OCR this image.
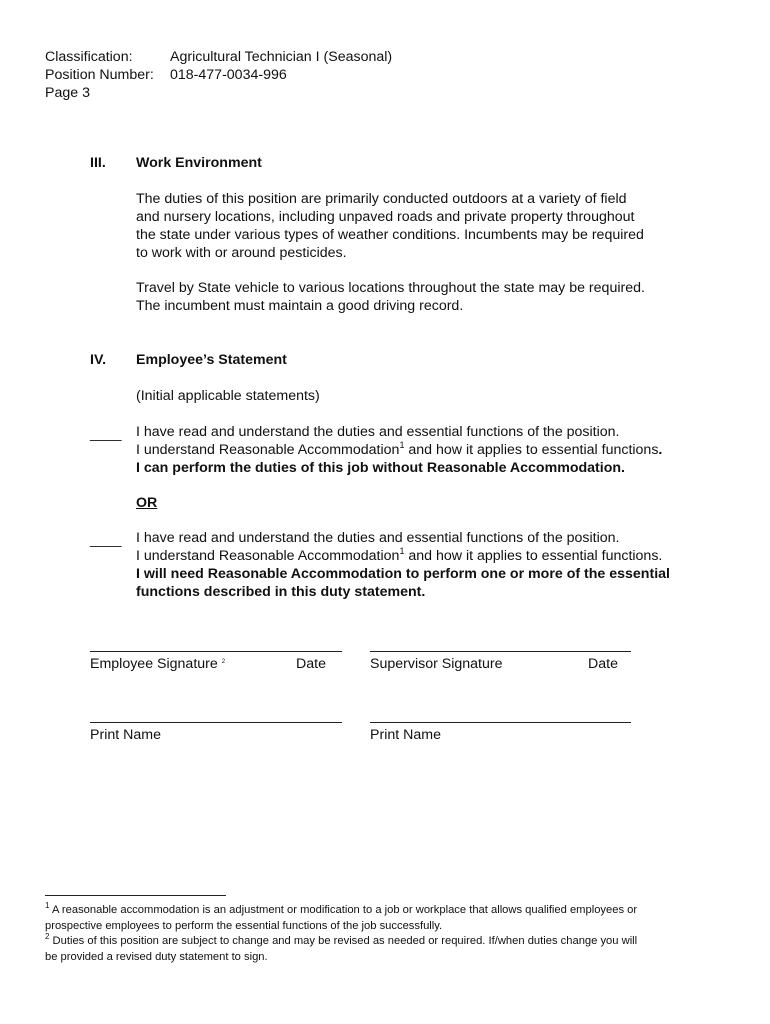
Classification:	Agricultural Technician I (Seasonal)
Position Number: 018-477-0034-996
Page 3
III. Work Environment
The duties of this position are primarily conducted outdoors at a variety of field
and nursery locations, including unpaved roads and private property throughout
the state under various types of weather conditions. Incumbents may be required
to work with or around pesticides.
Travel by State vehicle to various locations throughout the state may be required.
The incumbent must maintain a good driving record.
IV. Employee’s Statement
(Initial applicable statements)
____ I have read and understand the duties and essential functions of the position.
I understand Reasonable Accommodation$^1$ and how it applies to essential functions.
I can perform the duties of this job without Reasonable Accommodation.
OR
____ I have read and understand the duties and essential functions of the position.
I understand Reasonable Accommodation$^1$ and how it applies to essential functions.
I will need Reasonable Accommodation to perform one or more of the essential
functions described in this duty statement.
Employee Signature $^2$	Date	Supervisor Signature	Date
Print Name	Print Name
$^1$ A reasonable accommodation is an adjustment or modification to a job or workplace that allows qualified employees or
prospective employees to perform the essential functions of the job successfully.
$^2$ Duties of this position are subject to change and may be revised as needed or required. If/when duties change you will
be provided a revised duty statement to sign.
